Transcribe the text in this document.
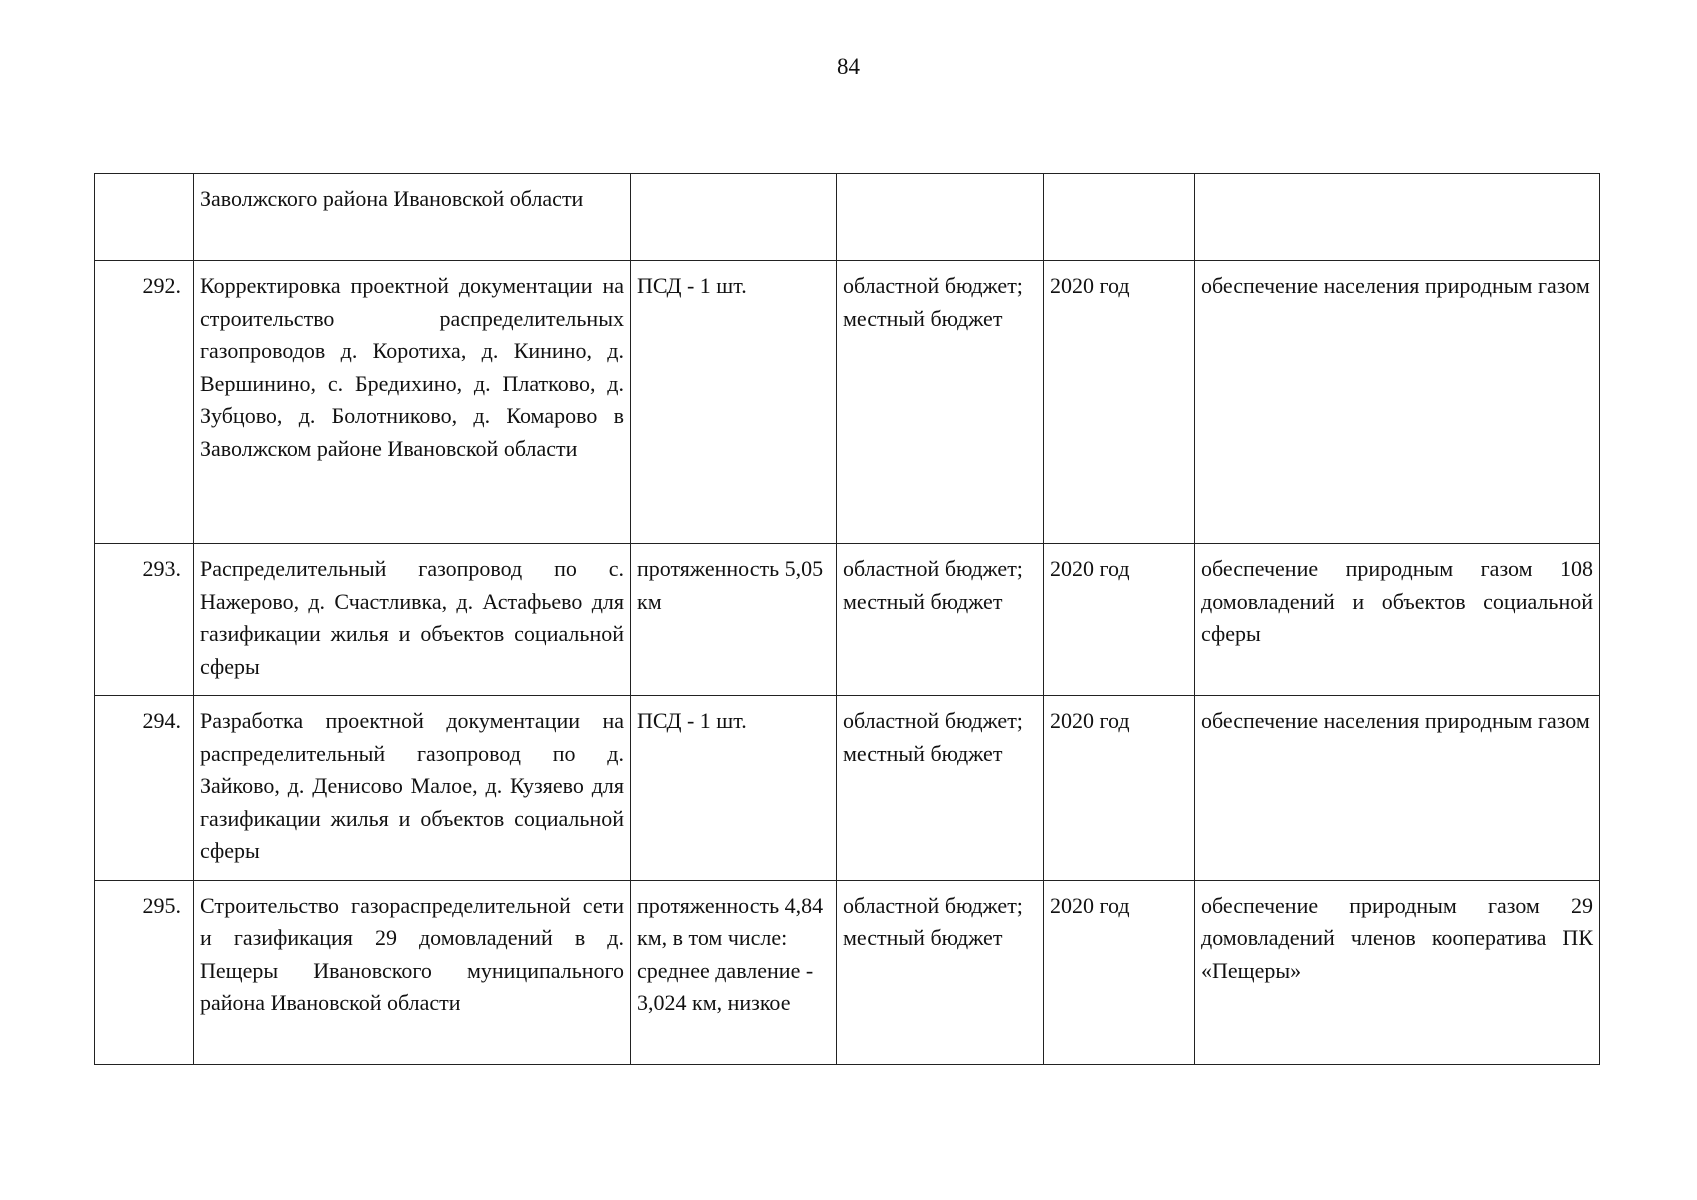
84
	Заволжского района Ивановской области				
292.	Корректировка проектной документации на строительство распределительных газопроводов д. Коротиха, д. Кинино, д. Вершинино, с. Бредихино, д. Платково, д. Зубцово, д. Болотниково, д. Комарово в Заволжском районе Ивановской области	ПСД - 1 шт.	областной бюджет; местный бюджет	2020 год	обеспечение населения природным газом
293.	Распределительный газопровод по с. Нажерово, д. Счастливка, д. Астафьево для газификации жилья и объектов социальной сферы	протяженность 5,05 км	областной бюджет; местный бюджет	2020 год	обеспечение природным газом 108 домовладений и объектов социальной сферы
294.	Разработка проектной документации на распределительный газопровод по д. Зайково, д. Денисово Малое, д. Кузяево для газификации жилья и объектов социальной сферы	ПСД - 1 шт.	областной бюджет; местный бюджет	2020 год	обеспечение населения природным газом
295.	Строительство газораспределительной сети и газификация 29 домовладений в д. Пещеры Ивановского муниципального района Ивановской области	протяженность 4,84 км, в том числе: среднее давление - 3,024 км, низкое	областной бюджет; местный бюджет	2020 год	обеспечение природным газом 29 домовладений членов кооператива ПК «Пещеры»
